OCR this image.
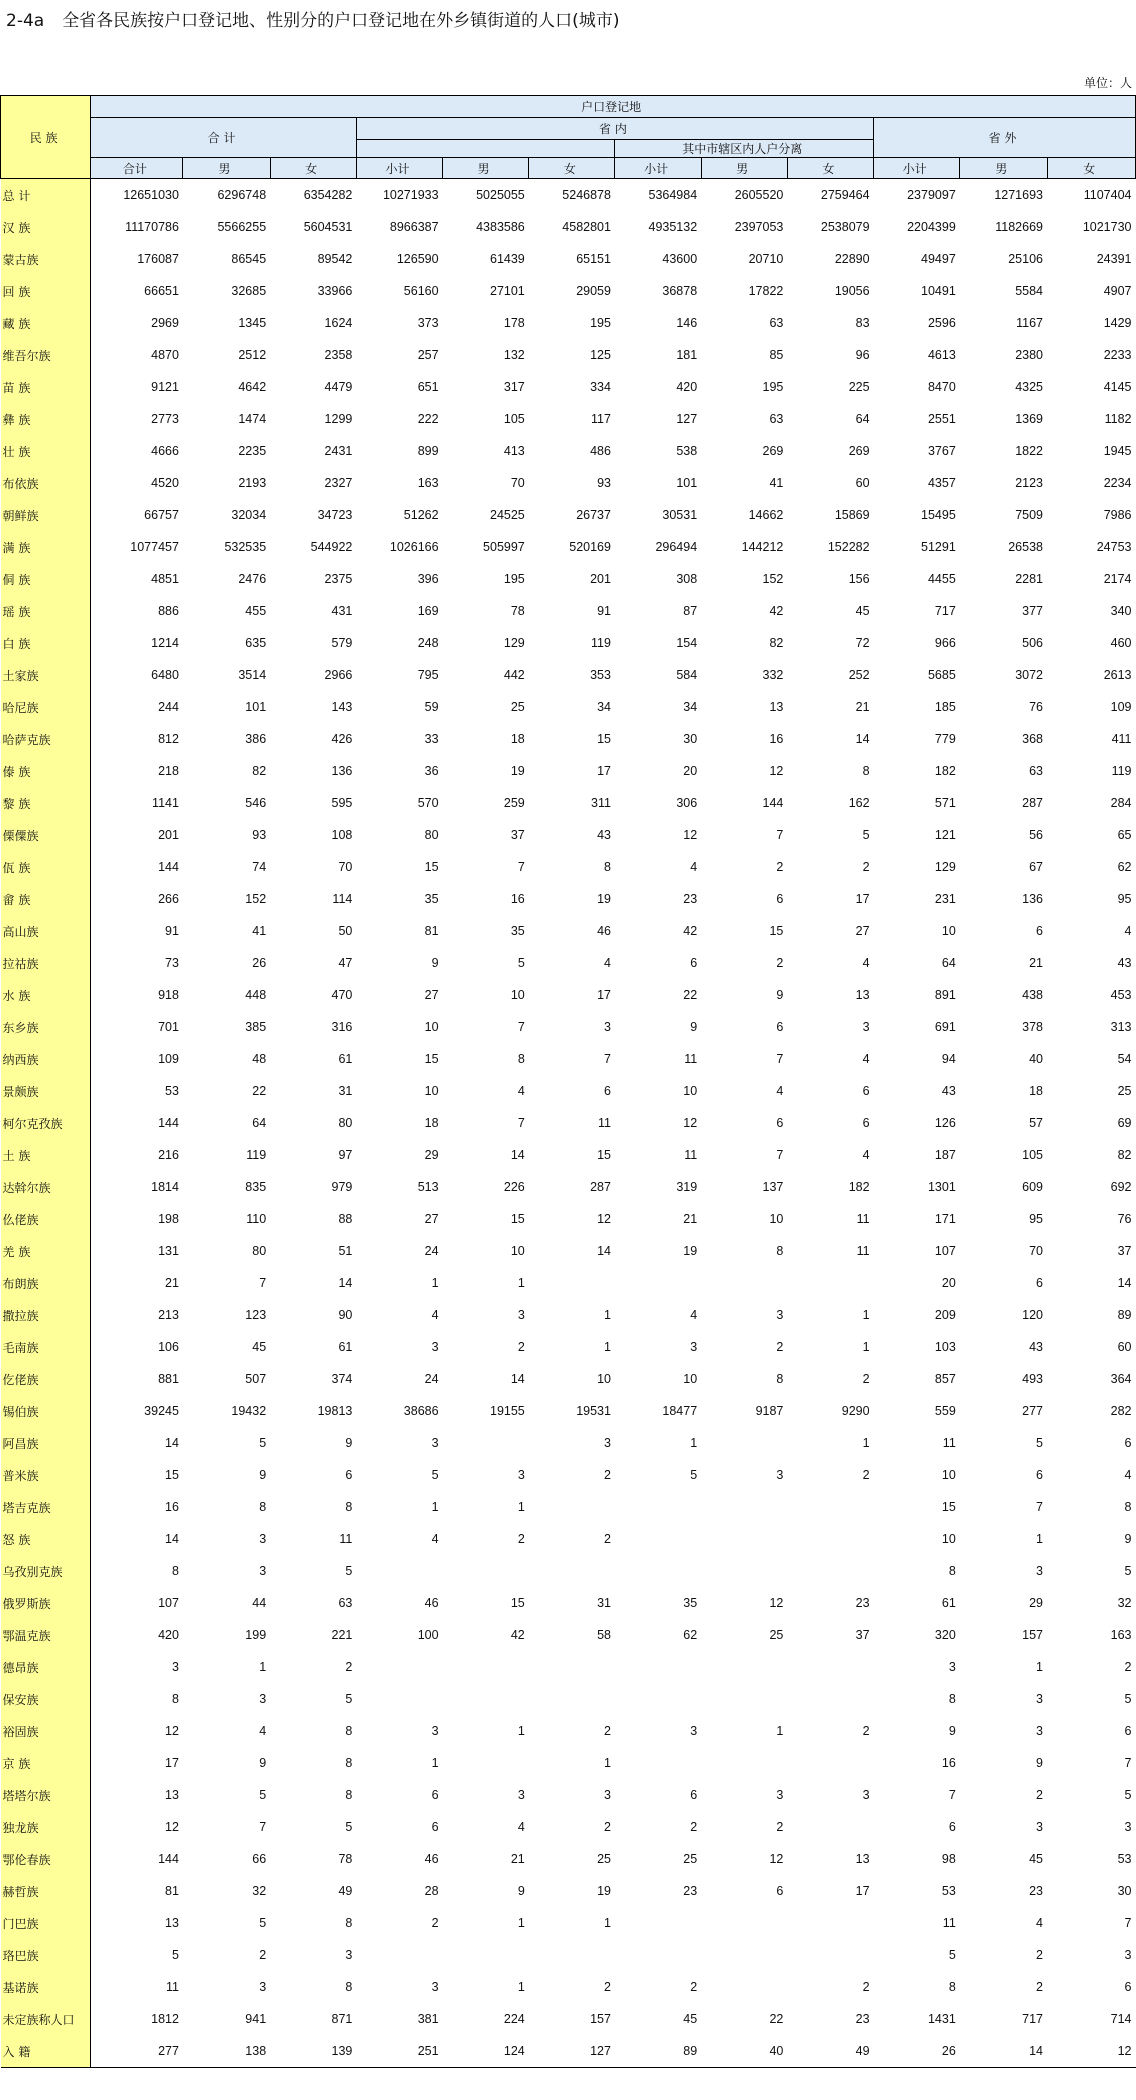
2-4a 全省各民族按户口登记地、性别分的户口登记地在外乡镇街道的人口(城市)
单位：人
民 族	户口登记地											
	合 计			省 内						省 外		
							其中市辖区内人户分离					
	合计	男	女	小计	男	女	小计	男	女	小计	男	女
总 计	12651030	6296748	6354282	10271933	5025055	5246878	5364984	2605520	2759464	2379097	1271693	1107404
汉 族	11170786	5566255	5604531	8966387	4383586	4582801	4935132	2397053	2538079	2204399	1182669	1021730
蒙古族	176087	86545	89542	126590	61439	65151	43600	20710	22890	49497	25106	24391
回 族	66651	32685	33966	56160	27101	29059	36878	17822	19056	10491	5584	4907
藏 族	2969	1345	1624	373	178	195	146	63	83	2596	1167	1429
维吾尔族	4870	2512	2358	257	132	125	181	85	96	4613	2380	2233
苗 族	9121	4642	4479	651	317	334	420	195	225	8470	4325	4145
彝 族	2773	1474	1299	222	105	117	127	63	64	2551	1369	1182
壮 族	4666	2235	2431	899	413	486	538	269	269	3767	1822	1945
布依族	4520	2193	2327	163	70	93	101	41	60	4357	2123	2234
朝鲜族	66757	32034	34723	51262	24525	26737	30531	14662	15869	15495	7509	7986
满 族	1077457	532535	544922	1026166	505997	520169	296494	144212	152282	51291	26538	24753
侗 族	4851	2476	2375	396	195	201	308	152	156	4455	2281	2174
瑶 族	886	455	431	169	78	91	87	42	45	717	377	340
白 族	1214	635	579	248	129	119	154	82	72	966	506	460
土家族	6480	3514	2966	795	442	353	584	332	252	5685	3072	2613
哈尼族	244	101	143	59	25	34	34	13	21	185	76	109
哈萨克族	812	386	426	33	18	15	30	16	14	779	368	411
傣 族	218	82	136	36	19	17	20	12	8	182	63	119
黎 族	1141	546	595	570	259	311	306	144	162	571	287	284
傈僳族	201	93	108	80	37	43	12	7	5	121	56	65
佤 族	144	74	70	15	7	8	4	2	2	129	67	62
畲 族	266	152	114	35	16	19	23	6	17	231	136	95
高山族	91	41	50	81	35	46	42	15	27	10	6	4
拉祜族	73	26	47	9	5	4	6	2	4	64	21	43
水 族	918	448	470	27	10	17	22	9	13	891	438	453
东乡族	701	385	316	10	7	3	9	6	3	691	378	313
纳西族	109	48	61	15	8	7	11	7	4	94	40	54
景颇族	53	22	31	10	4	6	10	4	6	43	18	25
柯尔克孜族	144	64	80	18	7	11	12	6	6	126	57	69
土 族	216	119	97	29	14	15	11	7	4	187	105	82
达斡尔族	1814	835	979	513	226	287	319	137	182	1301	609	692
仫佬族	198	110	88	27	15	12	21	10	11	171	95	76
羌 族	131	80	51	24	10	14	19	8	11	107	70	37
布朗族	21	7	14	1	1					20	6	14
撒拉族	213	123	90	4	3	1	4	3	1	209	120	89
毛南族	106	45	61	3	2	1	3	2	1	103	43	60
仡佬族	881	507	374	24	14	10	10	8	2	857	493	364
锡伯族	39245	19432	19813	38686	19155	19531	18477	9187	9290	559	277	282
阿昌族	14	5	9	3		3	1		1	11	5	6
普米族	15	9	6	5	3	2	5	3	2	10	6	4
塔吉克族	16	8	8	1	1					15	7	8
怒 族	14	3	11	4	2	2				10	1	9
乌孜别克族	8	3	5							8	3	5
俄罗斯族	107	44	63	46	15	31	35	12	23	61	29	32
鄂温克族	420	199	221	100	42	58	62	25	37	320	157	163
德昂族	3	1	2							3	1	2
保安族	8	3	5							8	3	5
裕固族	12	4	8	3	1	2	3	1	2	9	3	6
京 族	17	9	8	1		1				16	9	7
塔塔尔族	13	5	8	6	3	3	6	3	3	7	2	5
独龙族	12	7	5	6	4	2	2	2		6	3	3
鄂伦春族	144	66	78	46	21	25	25	12	13	98	45	53
赫哲族	81	32	49	28	9	19	23	6	17	53	23	30
门巴族	13	5	8	2	1	1				11	4	7
珞巴族	5	2	3							5	2	3
基诺族	11	3	8	3	1	2	2		2	8	2	6
未定族称人口	1812	941	871	381	224	157	45	22	23	1431	717	714
入 籍	277	138	139	251	124	127	89	40	49	26	14	12
